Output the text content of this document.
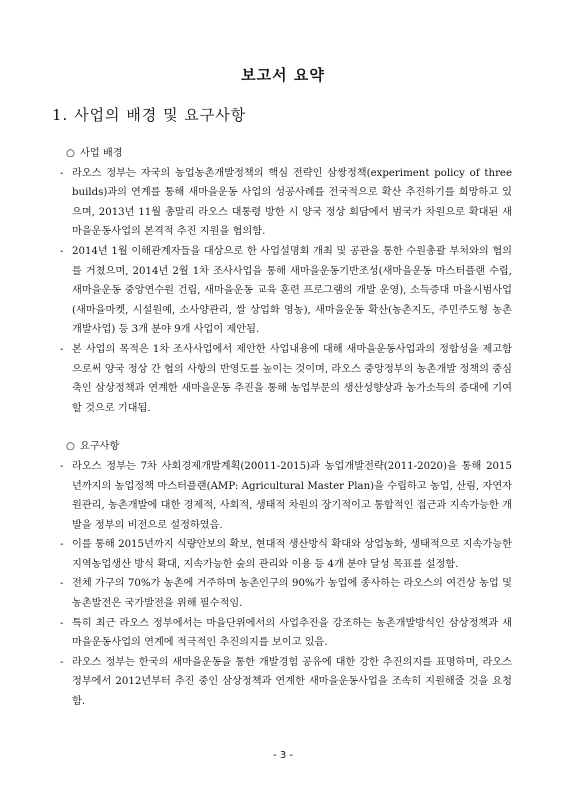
보고서 요약
1. 사업의 배경 및 요구사항

○ 사업 배경

- 라오스 정부는 자국의 농업농촌개발정책의 핵심 전략인 삼쌍정책(experiment policy of three builds)과의 연계를 통해 새마을운동 사업의 성공사례를 전국적으로 확산 추진하기를 희망하고 있으며, 2013년 11월 총말리 라오스 대통령 방한 시 양국 정상 회담에서 범국가 차원으로 확대된 새마을운동사업의 본격적 추진 지원을 협의함.

- 2014년 1월 이해관계자들을 대상으로 한 사업설명회 개최 및 공관을 통한 수원총괄 부처와의 협의를 거쳤으며, 2014년 2월 1차 조사사업을 통해 새마을운동기반조성(새마을운동 마스터플랜 수립, 새마을운동 중앙연수원 건립, 새마을운동 교육 훈련 프로그램의 개발 운영), 소득증대 마을시범사업(새마을마켓, 시설원예, 소사양관리, 쌀 상업화 영농), 새마을운동 확산(농촌지도, 주민주도형 농촌개발사업) 등 3개 분야 9개 사업이 제안됨.

- 본 사업의 목적은 1차 조사사업에서 제안한 사업내용에 대해 새마을운동사업과의 정합성을 제고함으로써 양국 정상 간 협의 사항의 반영도를 높이는 것이며, 라오스 중앙정부의 농촌개발 정책의 중심축인 삼상정책과 연계한 새마을운동 추진을 통해 농업부문의 생산성향상과 농가소득의 증대에 기여할 것으로 기대됨.

○ 요구사항

- 라오스 정부는 7차 사회경제개발계획(20011-2015)과 농업개발전략(2011-2020)을 통해 2015년까지의 농업정책 마스터플랜(AMP: Agricultural Master Plan)을 수립하고 농업, 산림, 자연자원관리, 농촌개발에 대한 경제적, 사회적, 생태적 차원의 장기적이고 통합적인 접근과 지속가능한 개발을 정부의 비전으로 설정하였음.

- 이를 통해 2015년까지 식량안보의 확보, 현대적 생산방식 확대와 상업농화, 생태적으로 지속가능한 지역농업생산 방식 확대, 지속가능한 숲의 관리와 이용 등 4개 분야 달성 목표를 설정함.

- 전체 가구의 70%가 농촌에 거주하며 농촌인구의 90%가 농업에 종사하는 라오스의 여건상 농업 및 농촌발전은 국가발전을 위해 필수적임.

- 특히 최근 라오스 정부에서는 마을단위에서의 사업추진을 강조하는 농촌개발방식인 삼상정책과 새마을운동사업의 연계에 적극적인 추진의지를 보이고 있음.

- 라오스 정부는 한국의 새마을운동을 통한 개발경험 공유에 대한 강한 추진의지를 표명하며, 라오스 정부에서 2012년부터 추진 중인 삼상정책과 연계한 새마을운동사업을 조속히 지원해줄 것을 요청함.

- 3 -
